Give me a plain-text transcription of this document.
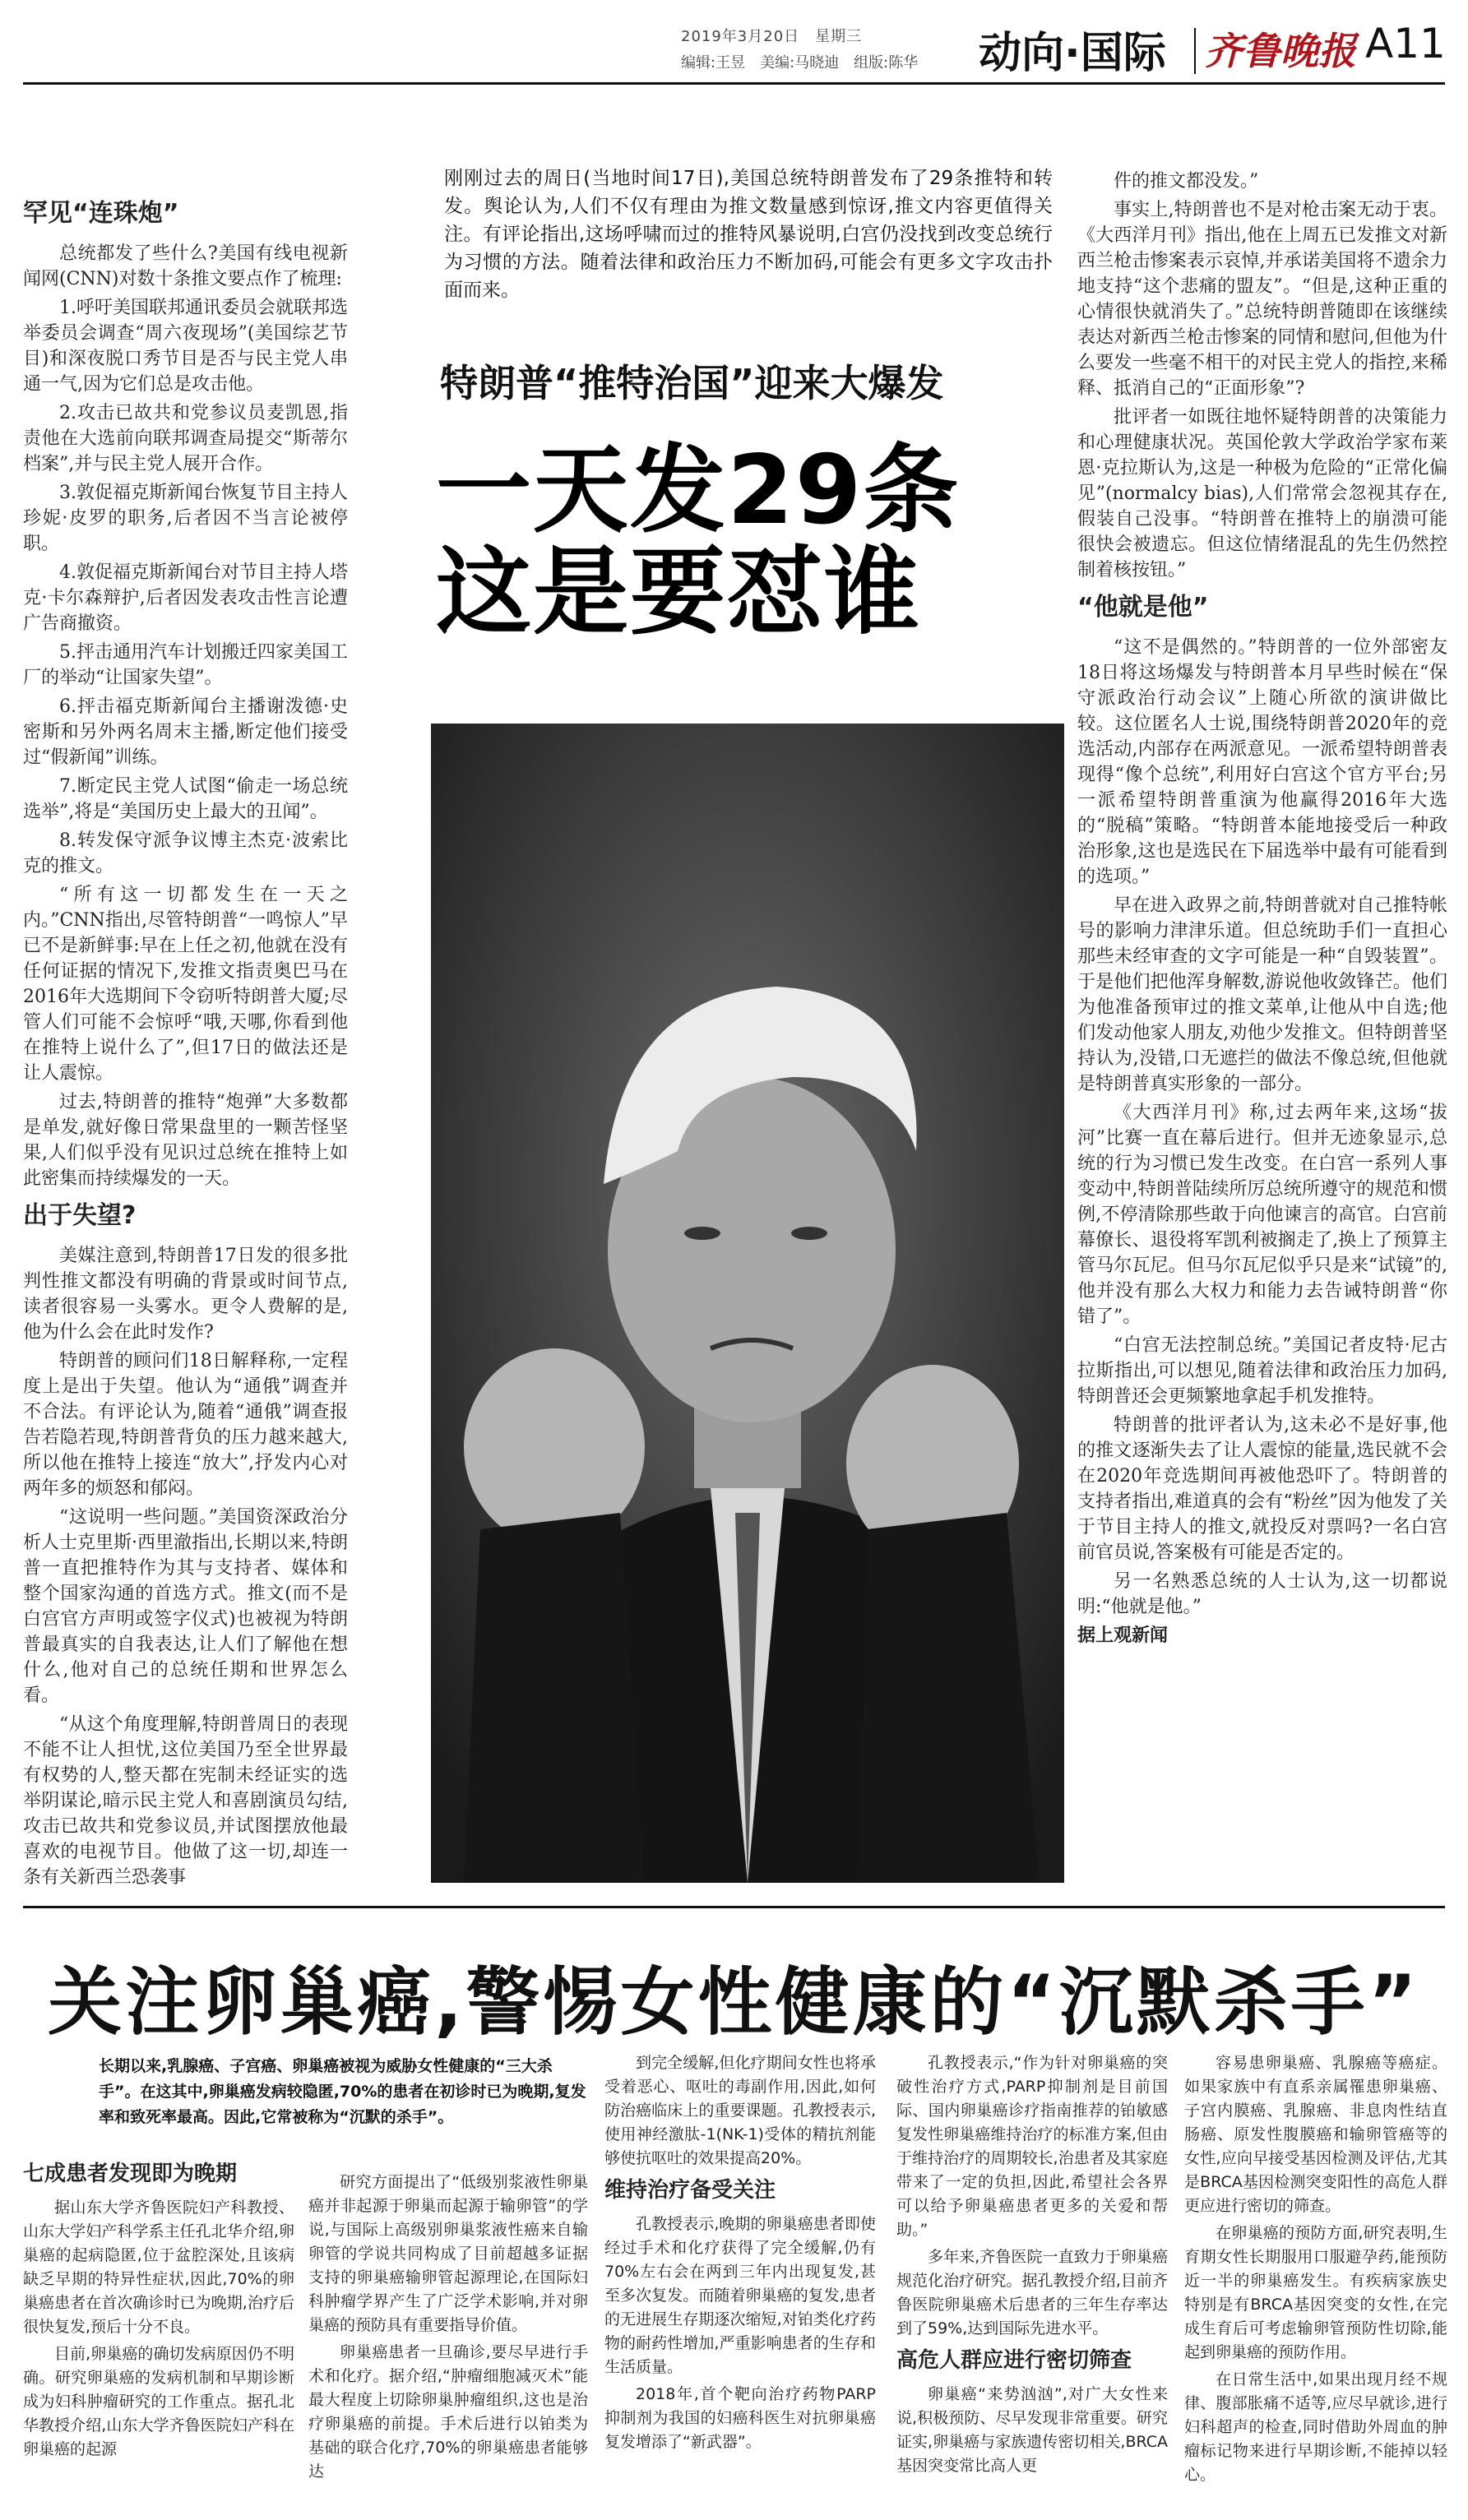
2019年3月20日　星期三
编辑:王昱　美编:马晓迪　组版:陈华 动向·国际 齐鲁晚报 A11
罕见“连珠炮”

总统都发了些什么?美国有线电视新闻网(CNN)对数十条推文要点作了梳理:

1.呼吁美国联邦通讯委员会就联邦选举委员会调查“周六夜现场”(美国综艺节目)和深夜脱口秀节目是否与民主党人串通一气,因为它们总是攻击他。

2.攻击已故共和党参议员麦凯恩,指责他在大选前向联邦调查局提交“斯蒂尔档案”,并与民主党人展开合作。

3.敦促福克斯新闻台恢复节目主持人珍妮·皮罗的职务,后者因不当言论被停职。

4.敦促福克斯新闻台对节目主持人塔克·卡尔森辩护,后者因发表攻击性言论遭广告商撤资。

5.抨击通用汽车计划搬迁四家美国工厂的举动“让国家失望”。

6.抨击福克斯新闻台主播谢泼德·史密斯和另外两名周末主播,断定他们接受过“假新闻”训练。

7.断定民主党人试图“偷走一场总统选举”,将是“美国历史上最大的丑闻”。

8.转发保守派争议博主杰克·波索比克的推文。

“所有这一切都发生在一天之内。”CNN指出,尽管特朗普“一鸣惊人”早已不是新鲜事:早在上任之初,他就在没有任何证据的情况下,发推文指责奥巴马在2016年大选期间下令窃听特朗普大厦;尽管人们可能不会惊呼“哦,天哪,你看到他在推特上说什么了”,但17日的做法还是让人震惊。

过去,特朗普的推特“炮弹”大多数都是单发,就好像日常果盘里的一颗苦怪坚果,人们似乎没有见识过总统在推特上如此密集而持续爆发的一天。

出于失望?

美媒注意到,特朗普17日发的很多批判性推文都没有明确的背景或时间节点,读者很容易一头雾水。更令人费解的是,他为什么会在此时发作?

特朗普的顾问们18日解释称,一定程度上是出于失望。他认为“通俄”调查并不合法。有评论认为,随着“通俄”调查报告若隐若现,特朗普背负的压力越来越大,所以他在推特上接连“放大”,抒发内心对两年多的烦怒和郁闷。

“这说明一些问题。”美国资深政治分析人士克里斯·西里澈指出,长期以来,特朗普一直把推特作为其与支持者、媒体和整个国家沟通的首选方式。推文(而不是白宫官方声明或签字仪式)也被视为特朗普最真实的自我表达,让人们了解他在想什么,他对自己的总统任期和世界怎么看。

“从这个角度理解,特朗普周日的表现不能不让人担忧,这位美国乃至全世界最有权势的人,整天都在宪制未经证实的选举阴谋论,暗示民主党人和喜剧演员勾结,攻击已故共和党参议员,并试图摆放他最喜欢的电视节目。他做了这一切,却连一条有关新西兰恐袭事

刚刚过去的周日(当地时间17日),美国总统特朗普发布了29条推特和转发。舆论认为,人们不仅有理由为推文数量感到惊讶,推文内容更值得关注。有评论指出,这场呼啸而过的推特风暴说明,白宫仍没找到改变总统行为习惯的方法。随着法律和政治压力不断加码,可能会有更多文字攻击扑面而来。
特朗普“推特治国”迎来大爆发
一天发29条
这是要怼谁

件的推文都没发。”

事实上,特朗普也不是对枪击案无动于衷。《大西洋月刊》指出,他在上周五已发推文对新西兰枪击惨案表示哀悼,并承诺美国将不遗余力地支持“这个悲痛的盟友”。“但是,这种正重的心情很快就消失了。”总统特朗普随即在该继续表达对新西兰枪击惨案的同情和慰问,但他为什么要发一些毫不相干的对民主党人的指控,来稀释、抵消自己的“正面形象”?

批评者一如既往地怀疑特朗普的决策能力和心理健康状况。英国伦敦大学政治学家布莱恩·克拉斯认为,这是一种极为危险的“正常化偏见”(normalcy bias),人们常常会忽视其存在,假装自己没事。“特朗普在推特上的崩溃可能很快会被遗忘。但这位情绪混乱的先生仍然控制着核按钮。”

“他就是他”

“这不是偶然的。”特朗普的一位外部密友18日将这场爆发与特朗普本月早些时候在“保守派政治行动会议”上随心所欲的演讲做比较。这位匿名人士说,围绕特朗普2020年的竞选活动,内部存在两派意见。一派希望特朗普表现得“像个总统”,利用好白宫这个官方平台;另一派希望特朗普重演为他赢得2016年大选的“脱稿”策略。“特朗普本能地接受后一种政治形象,这也是选民在下届选举中最有可能看到的选项。”

早在进入政界之前,特朗普就对自己推特帐号的影响力津津乐道。但总统助手们一直担心那些未经审查的文字可能是一种“自毁装置”。于是他们把他浑身解数,游说他收敛锋芒。他们为他准备预审过的推文菜单,让他从中自选;他们发动他家人朋友,劝他少发推文。但特朗普坚持认为,没错,口无遮拦的做法不像总统,但他就是特朗普真实形象的一部分。

《大西洋月刊》称,过去两年来,这场“拔河”比赛一直在幕后进行。但并无迹象显示,总统的行为习惯已发生改变。在白宫一系列人事变动中,特朗普陆续所厉总统所遵守的规范和惯例,不停清除那些敢于向他谏言的高官。白宫前幕僚长、退役将军凯利被搁走了,换上了预算主管马尔瓦尼。但马尔瓦尼似乎只是来“试镜”的,他并没有那么大权力和能力去告诫特朗普“你错了”。

“白宫无法控制总统。”美国记者皮特·尼古拉斯指出,可以想见,随着法律和政治压力加码,特朗普还会更频繁地拿起手机发推特。

特朗普的批评者认为,这未必不是好事,他的推文逐渐失去了让人震惊的能量,选民就不会在2020年竞选期间再被他恐吓了。特朗普的支持者指出,难道真的会有“粉丝”因为他发了关于节目主持人的推文,就投反对票吗?一名白宫前官员说,答案极有可能是否定的。

另一名熟悉总统的人士认为,这一切都说明:“他就是他。”

据上观新闻
关注卵巢癌,警惕女性健康的“沉默杀手”
长期以来,乳腺癌、子宫癌、卵巢癌被视为威胁女性健康的“三大杀手”。在这其中,卵巢癌发病较隐匿,70%的患者在初诊时已为晚期,复发率和致死率最高。因此,它常被称为“沉默的杀手”。
七成患者发现即为晚期

据山东大学齐鲁医院妇产科教授、山东大学妇产科学系主任孔北华介绍,卵巢癌的起病隐匿,位于盆腔深处,且该病缺乏早期的特异性症状,因此,70%的卵巢癌患者在首次确诊时已为晚期,治疗后很快复发,预后十分不良。

目前,卵巢癌的确切发病原因仍不明确。研究卵巢癌的发病机制和早期诊断成为妇科肿瘤研究的工作重点。据孔北华教授介绍,山东大学齐鲁医院妇产科在卵巢癌的起源

研究方面提出了“低级别浆液性卵巢癌并非起源于卵巢而起源于输卵管”的学说,与国际上高级别卵巢浆液性癌来自输卵管的学说共同构成了目前超越多证据支持的卵巢癌输卵管起源理论,在国际妇科肿瘤学界产生了广泛学术影响,并对卵巢癌的预防具有重要指导价值。

卵巢癌患者一旦确诊,要尽早进行手术和化疗。据介绍,“肿瘤细胞减灭术”能最大程度上切除卵巢肿瘤组织,这也是治疗卵巢癌的前提。手术后进行以铂类为基础的联合化疗,70%的卵巢癌患者能够达

到完全缓解,但化疗期间女性也将承受着恶心、呕吐的毒副作用,因此,如何防治癌临床上的重要课题。孔教授表示,使用神经激肽-1(NK-1)受体的精抗剂能够使抗呕吐的效果提高20%。

维持治疗备受关注

孔教授表示,晚期的卵巢癌患者即使经过手术和化疗获得了完全缓解,仍有70%左右会在两到三年内出现复发,甚至多次复发。而随着卵巢癌的复发,患者的无进展生存期逐次缩短,对铂类化疗药物的耐药性增加,严重影响患者的生存和生活质量。

2018年,首个靶向治疗药物PARP抑制剂为我国的妇癌科医生对抗卵巢癌复发增添了“新武器”。

孔教授表示,“作为针对卵巢癌的突破性治疗方式,PARP抑制剂是目前国际、国内卵巢癌诊疗指南推荐的铂敏感复发性卵巢癌维持治疗的标准方案,但由于维持治疗的周期较长,治患者及其家庭带来了一定的负担,因此,希望社会各界可以给予卵巢癌患者更多的关爱和帮助。”

多年来,齐鲁医院一直致力于卵巢癌规范化治疗研究。据孔教授介绍,目前齐鲁医院卵巢癌术后患者的三年生存率达到了59%,达到国际先进水平。

高危人群应进行密切筛查

卵巢癌“来势汹汹”,对广大女性来说,积极预防、尽早发现非常重要。研究证实,卵巢癌与家族遗传密切相关,BRCA基因突变常比高人更

容易患卵巢癌、乳腺癌等癌症。如果家族中有直系亲属罹患卵巢癌、子宫内膜癌、乳腺癌、非息肉性结直肠癌、原发性腹膜癌和输卵管癌等的女性,应向早接受基因检测及评估,尤其是BRCA基因检测突变阳性的高危人群更应进行密切的筛查。

在卵巢癌的预防方面,研究表明,生育期女性长期服用口服避孕药,能预防近一半的卵巢癌发生。有疾病家族史特别是有BRCA基因突变的女性,在完成生育后可考虑输卵管预防性切除,能起到卵巢癌的预防作用。

在日常生活中,如果出现月经不规律、腹部胀痛不适等,应尽早就诊,进行妇科超声的检查,同时借助外周血的肿瘤标记物来进行早期诊断,不能掉以轻心。
